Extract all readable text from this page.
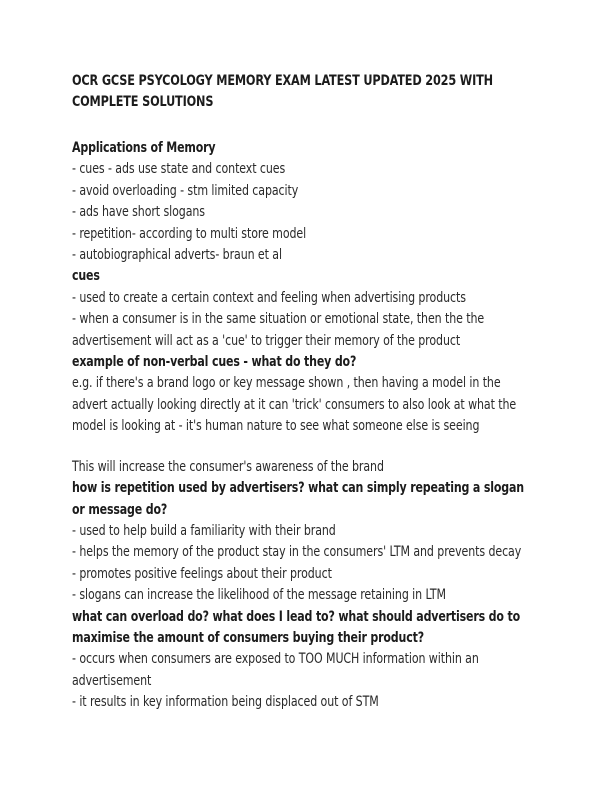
OCR GCSE PSYCOLOGY MEMORY EXAM LATEST UPDATED 2025 WITH
COMPLETE SOLUTIONS
Applications of Memory
- cues - ads use state and context cues
- avoid overloading - stm limited capacity
- ads have short slogans
- repetition- according to multi store model
- autobiographical adverts- braun et al
cues
- used to create a certain context and feeling when advertising products
- when a consumer is in the same situation or emotional state, then the the
advertisement will act as a 'cue' to trigger their memory of the product
example of non-verbal cues - what do they do?
e.g. if there's a brand logo or key message shown , then having a model in the
advert actually looking directly at it can 'trick' consumers to also look at what the
model is looking at - it's human nature to see what someone else is seeing
This will increase the consumer's awareness of the brand
how is repetition used by advertisers? what can simply repeating a slogan
or message do?
- used to help build a familiarity with their brand
- helps the memory of the product stay in the consumers' LTM and prevents decay
- promotes positive feelings about their product
- slogans can increase the likelihood of the message retaining in LTM
what can overload do? what does I lead to? what should advertisers do to
maximise the amount of consumers buying their product?
- occurs when consumers are exposed to TOO MUCH information within an
advertisement
- it results in key information being displaced out of STM
